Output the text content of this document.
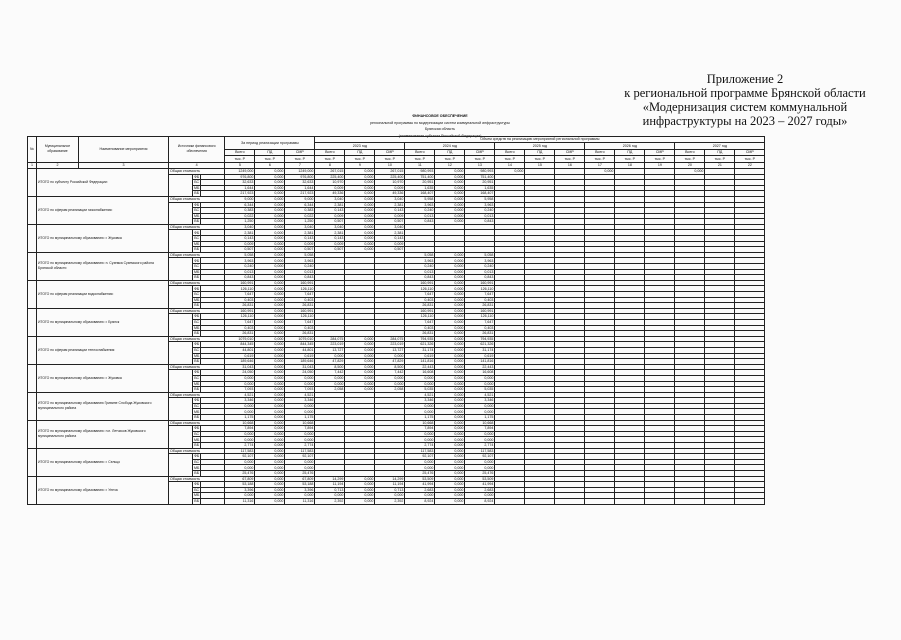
Приложение 2
к региональной программе Брянской области
«Модернизация систем коммунальной
инфраструктуры на 2023 – 2027 годы»
ФИНАНСОВОЕ ОБЕСПЕЧЕНИЕ
региональной программы по модернизации систем коммунальной инфраструктуры
Брянская область
(наименование субъекта Российской Федерации)
№	Муниципальное образование	Наименование мероприятия	Источники финансового обеспечения			За период реализации программы			Объем средств на реализацию мероприятий региональной программы														
									2023 год			2024 год			2025 год			2026 год			2027 год		
						Всего	ПД	СМР	Всего	ПД	СМР	Всего	ПД	СМР	Всего	ПД	СМР	Всего	ПД	СМР	Всего	ПД	СМР
						тыс. Р	тыс. Р	тыс. Р	тыс. Р	тыс. Р	тыс. Р	тыс. Р	тыс. Р	тыс. Р	тыс. Р	тыс. Р	тыс. Р	тыс. Р	тыс. Р	тыс. Р	тыс. Р	тыс. Р	тыс. Р
1	2	3	4			5	6	7	8	9	10	11	12	13	14	15	16	17	18	19	20	21	22
	ИТОГО по субъекту Российской Федерации:		Общая стоимость			1249,000	0,000	1249,000	267,015	0,000	267,015	980,993	0,000	980,993	0,000			0,000			0,000		
				ФБ		976,800	0,000	976,800	225,400	0,000	225,400	751,400	0,000	751,400									
				БС		32,633	0,000	32,633	10,970	0,000	10,970	20,951	0,000	20,951									
				МБ		1,644	0,000	1,644	0,009	0,000	0,009	1,635	0,000	1,635									
				ВБ		217,923	0,000	217,923	49,336	0,000	49,336	168,407	0,000	168,407									
	ИТОГО по сферам реализации газоснабжения:		Общая стоимость			9,000	0,000	9,000	3,040	0,000	3,040	5,958	0,000	5,958									
				ФБ		6,344	0,000	6,344	2,381	0,000	2,381	3,963	0,000	3,963									
				БС		0,383	0,000	0,383	0,143	0,000	0,143	0,240	0,000	0,240									
				МБ		0,022	0,000	0,022	0,009	0,000	0,009	0,013	0,000	0,013									
				ВБ		1,250	0,000	1,250	0,507	0,000	0,507	0,843	0,000	0,843									
	ИТОГО по муниципальному образованию: г. Жуковка		Общая стоимость			3,040	0,000	3,040	3,040	0,000	3,040												
				ФБ		2,381	0,000	2,381	2,381	0,000	2,381												
				БС		0,143	0,000	0,143	0,143	0,000	0,143												
				МБ		0,009	0,000	0,009	0,009	0,000	0,009												
				ВБ		0,507	0,000	0,507	0,507	0,000	0,507												
	ИТОГО по муниципальному образованию: п. Суземка Суземского района Брянской области		Общая стоимость			5,058	0,000	5,058				5,058	0,000	5,058									
				ФБ		3,963	0,000	3,963				3,963	0,000	3,963									
				БС		0,240	0,000	0,240				0,240	0,000	0,240									
				МБ		0,013	0,000	0,013				0,013	0,000	0,013									
				ВБ		0,843	0,000	0,843				0,843	0,000	0,843									
	ИТОГО по сферам реализации водоснабжения:		Общая стоимость			160,991	0,000	160,991				160,991	0,000	160,991									
				ФБ		126,110	0,000	126,110				126,110	0,000	126,110									
				БС		7,647	0,000	7,647				7,647	0,000	7,647									
				МБ		0,403	0,000	0,403				0,403	0,000	0,403									
				ВБ		26,831	0,000	26,831				26,831	0,000	26,831									
	ИТОГО по муниципальному образованию: г. Брянск		Общая стоимость			160,991	0,000	160,991				160,991	0,000	160,991									
				ФБ		126,110	0,000	126,110				126,110	0,000	126,110									
				БС		7,647	0,000	7,647				7,647	0,000	7,647									
				МБ		0,403	0,000	0,403				0,403	0,000	0,403									
				ВБ		26,831	0,000	26,831				26,831	0,000	26,831									
	ИТОГО по сферам реализации теплоснабжения:		Общая стоимость			1079,010	0,000	1079,010	284,075	0,000	284,075	794,935	0,000	794,935									
				ФБ		844,345	0,000	844,345	223,019	0,000	223,019	621,326	0,000	621,326									
				БС		44,801	0,000	44,801	13,727	0,000	13,727	31,174	0,000	31,174									
				МБ		0,619	0,000	0,619	0,000	0,000	0,000	0,619	0,000	0,619									
				ВБ		189,646	0,000	189,646	47,829	0,000	47,829	141,816	0,000	141,816									
	ИТОГО по муниципальному образованию: г. Жуковка		Общая стоимость			31,043	0,000	31,043	8,500	0,000	8,500	22,443	0,000	22,443									
				ФБ		24,050	0,000	24,050	7,442	0,000	7,442	16,608	0,000	16,608									
				БС		0,000	0,000	0,000	0,000	0,000	0,000	0,000	0,000	0,000									
				МБ		0,000	0,000	0,000	0,000	0,000	0,000	0,000	0,000	0,000									
				ВБ		7,093	0,000	7,093	2,058	0,000	2,058	5,035	0,000	5,035									
	ИТОГО по муниципальному образованию Гривине Слобода Жуковского муниципального района		Общая стоимость			4,521	0,000	4,521				4,521	0,000	4,521									
				ФБ		3,346	0,000	3,346				3,346	0,000	3,346									
				БС		0,000	0,000	0,000				0,000	0,000	0,000									
				МБ		0,000	0,000	0,000				0,000	0,000	0,000									
				ВБ		1,175	0,000	1,175				1,175	0,000	1,175									
	ИТОГО по муниципальному образованию: н.п. Летчиков Жуковского муниципального района		Общая стоимость			10,668	0,000	10,668				10,668	0,000	10,668									
				ФБ		7,894	0,000	7,894				7,894	0,000	7,894									
				БС		0,000	0,000	0,000				0,000	0,000	0,000									
				МБ		0,000	0,000	0,000				0,000	0,000	0,000									
				ВБ		2,774	0,000	2,774				2,774	0,000	2,774									
	ИТОГО по муниципальному образованию: г. Сельцо		Общая стоимость			117,583	0,000	117,583				117,583	0,000	117,583									
				ФБ		92,107	0,000	92,107				92,107	0,000	92,107									
				БС		0,000	0,000	0,000				0,000	0,000	0,000									
				МБ		0,000	0,000	0,000				0,000	0,000	0,000									
				ВБ		25,476	0,000	25,476				25,476	0,000	25,476									
	ИТОГО по муниципальному образованию: г. Унеча		Общая стоимость			67,809	0,000	67,809	14,299	0,000	14,299	53,509	0,000	53,509									
				ФБ		53,188	0,000	53,188	11,194	0,000	11,194	41,994	0,000	41,994									
				БС		3,396	0,000	3,396	0,713	0,000	0,713	2,683	0,000	2,683									
				МБ		0,000	0,000	0,000	0,000	0,000	0,000	0,000	0,000	0,000									
				ВБ		11,316	0,000	11,316	2,392	0,000	2,392	8,924	0,000	8,924									
